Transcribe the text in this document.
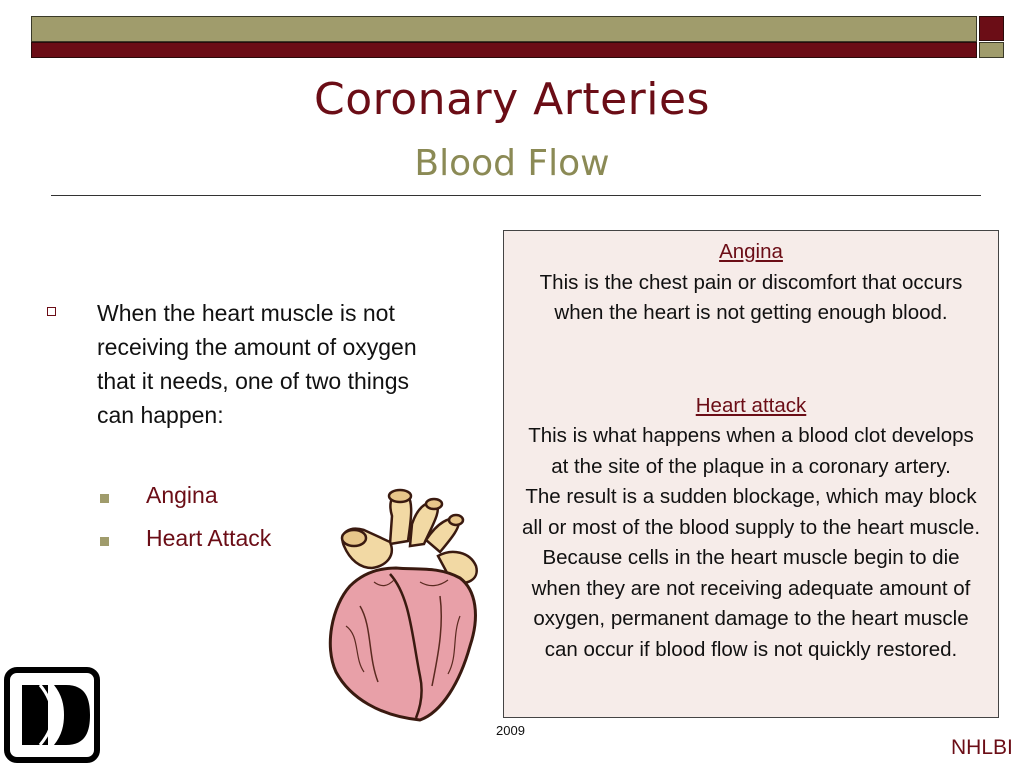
Coronary Arteries
Blood Flow
When the heart muscle is not receiving the amount of oxygen that it needs, one of two things can happen:
Angina
Heart Attack
Angina
This is the chest pain or discomfort that occurs
when the heart is not getting enough blood.
Heart attack
This is what happens when a blood clot develops
at the site of the plaque in a coronary artery.
The result is a sudden blockage, which may block
all or most of the blood supply to the heart muscle.
Because cells in the heart muscle begin to die
when they are not receiving adequate amount of
oxygen, permanent damage to the heart muscle
can occur if blood flow is not quickly restored.
2009
NHLBI
